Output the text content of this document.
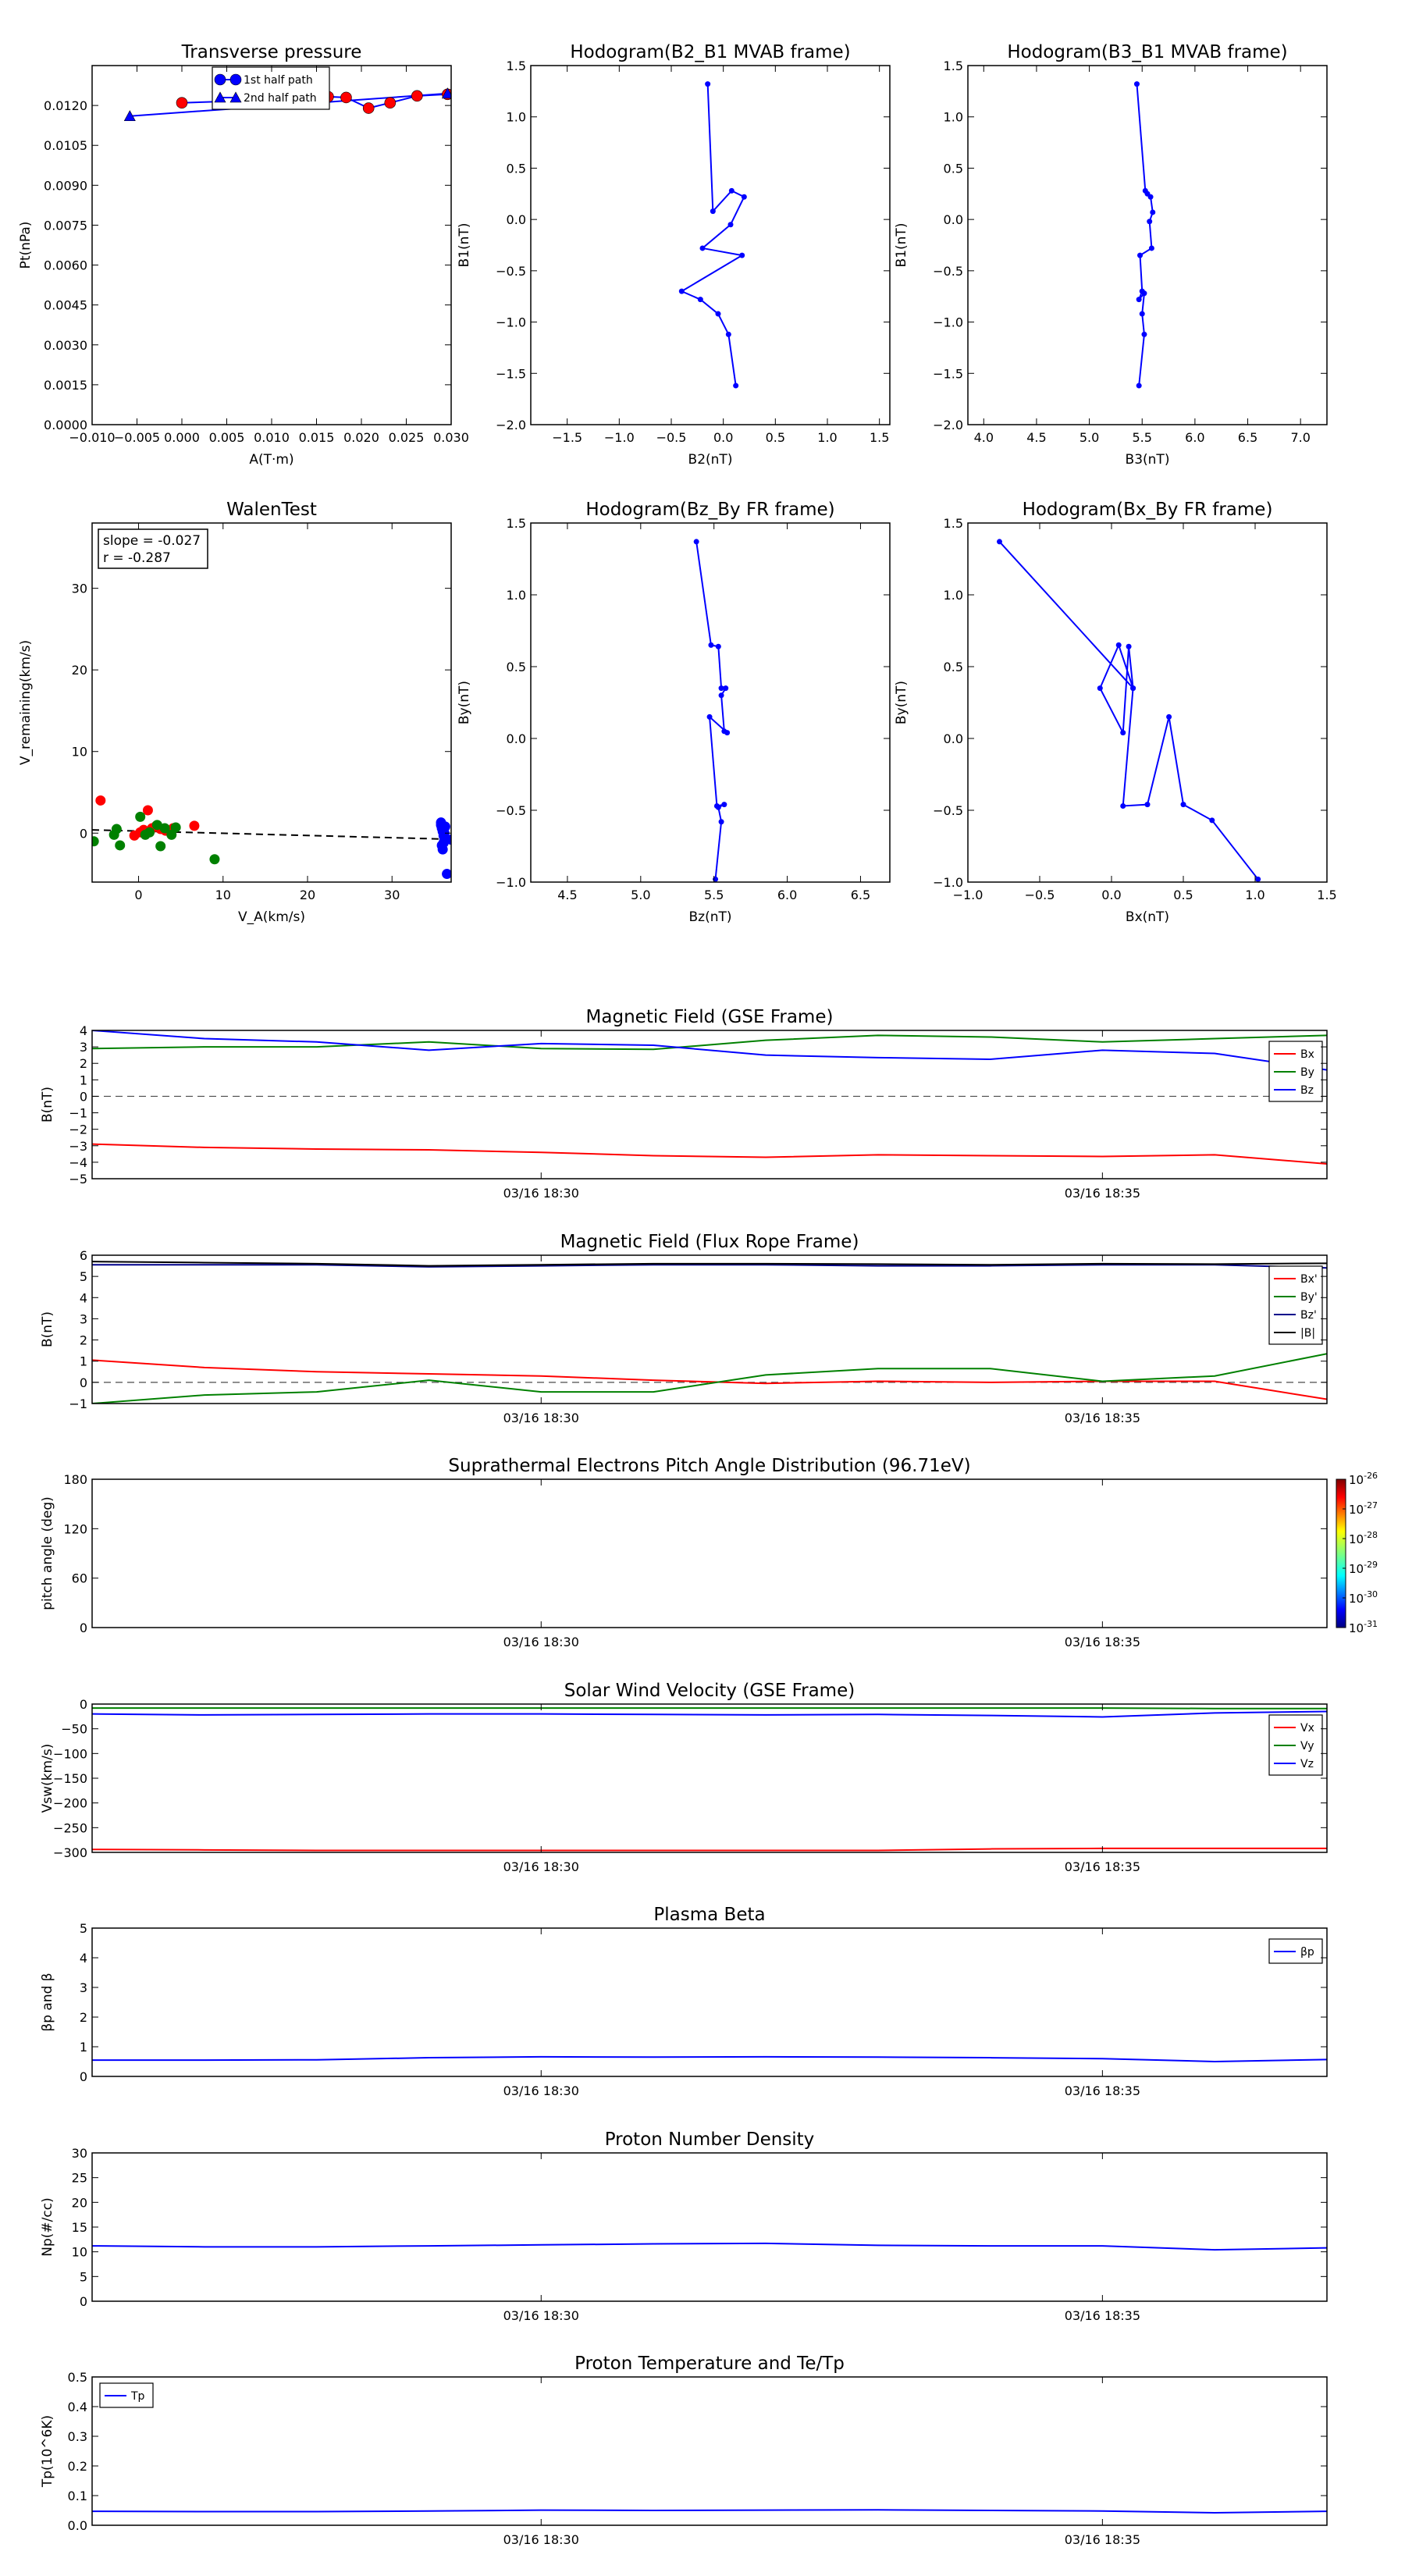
1st half path
2nd half path
Transverse pressure
0.0000
0.0015
0.0030
0.0045
0.0060
0.0075
0.0090
0.0105
0.0120
−0.010
−0.005 0.000 0.005 0.010 0.015 0.020 0.025 0.030
A(T·m)
Pt(nPa)
Hodogram(B2_B1 MVAB frame)
−2.0
−1.5
−1.0
−0.5
0.0
0.5
1.0
1.5
−1.5 −1.0 −0.5 0.0	0.5	1.0	1.5
B2(nT)
B1(nT)
Hodogram(B3_B1 MVAB frame)
−2.0
−1.5
−1.0
−0.5
0.0
0.5
1.0
1.5
4.0	4.5	5.0	5.5	6.0	6.5	7.0
B3(nT)
B1(nT)
slope = -0.027
r = -0.287
WalenTest
0
10
20
30
0	10	20	30
V_A(km/s)
V_remaining(km/s)
Hodogram(Bz_By FR frame)
−1.0
−0.5
0.0
0.5
1.0
1.5
4.5	5.0	5.5	6.0	6.5
Bz(nT)
By(nT)
Hodogram(Bx_By FR frame)
−1.0
−0.5
0.0
0.5
1.0
1.5
−1.0	−0.5	0.0	0.5	1.0	1.5
Bx(nT)
By(nT)
Bx
By
Bz
Magnetic Field (GSE Frame)
−5
−4
−3
−2
−1
0
1
2
3
4
03/16 18:30	03/16 18:35
B(nT)
Bx'
By'
Bz'
|B|
Magnetic Field (Flux Rope Frame)
−1
0
1
2
3
4
5
6
03/16 18:30	03/16 18:35
B(nT)
$10^{-26}$
$10^{-27}$
$10^{-28}$
$10^{-29}$
$10^{-30}$
$10^{-31}$
Suprathermal Electrons Pitch Angle Distribution (96.71eV)
0
60
120
180
03/16 18:30	03/16 18:35
pitch angle (deg)
Vx
Vy
Vz
Solar Wind Velocity (GSE Frame)
−300
−250
−200
−150
−100
−50
0
03/16 18:30	03/16 18:35
Vsw(km/s)
βp
Plasma Beta
0
1
2
3
4
5
03/16 18:30	03/16 18:35
βp and β
Proton Number Density
0
5
10
15
20
25
30
03/16 18:30	03/16 18:35
Np(#/cc)
Tp
Proton Temperature and Te/Tp
0.0
0.1
0.2
0.3
0.4
0.5
03/16 18:30	03/16 18:35
Tp(10^6K)
